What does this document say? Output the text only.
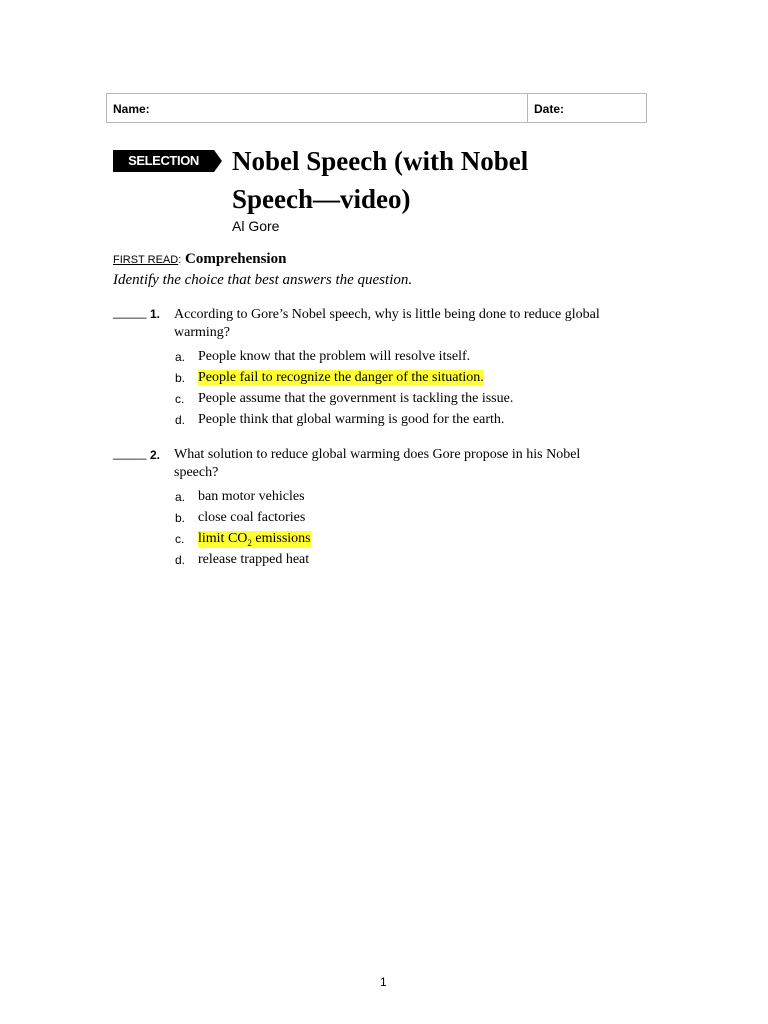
Name:	Date:
SELECTION TEST
Nobel Speech (with Nobel
Speech—video)
Al Gore
FIRST READ: Comprehension
Identify the choice that best answers the question.
_____ 1. According to Gore’s Nobel speech, why is little being done to reduce global
warming?
a. People know that the problem will resolve itself.
b. People fail to recognize the danger of the situation.
c. People assume that the government is tackling the issue.
d. People think that global warming is good for the earth.
_____ 2. What solution to reduce global warming does Gore propose in his Nobel
speech?
a. ban motor vehicles
b. close coal factories
c. limit $CO_2$ emissions
d. release trapped heat
1
